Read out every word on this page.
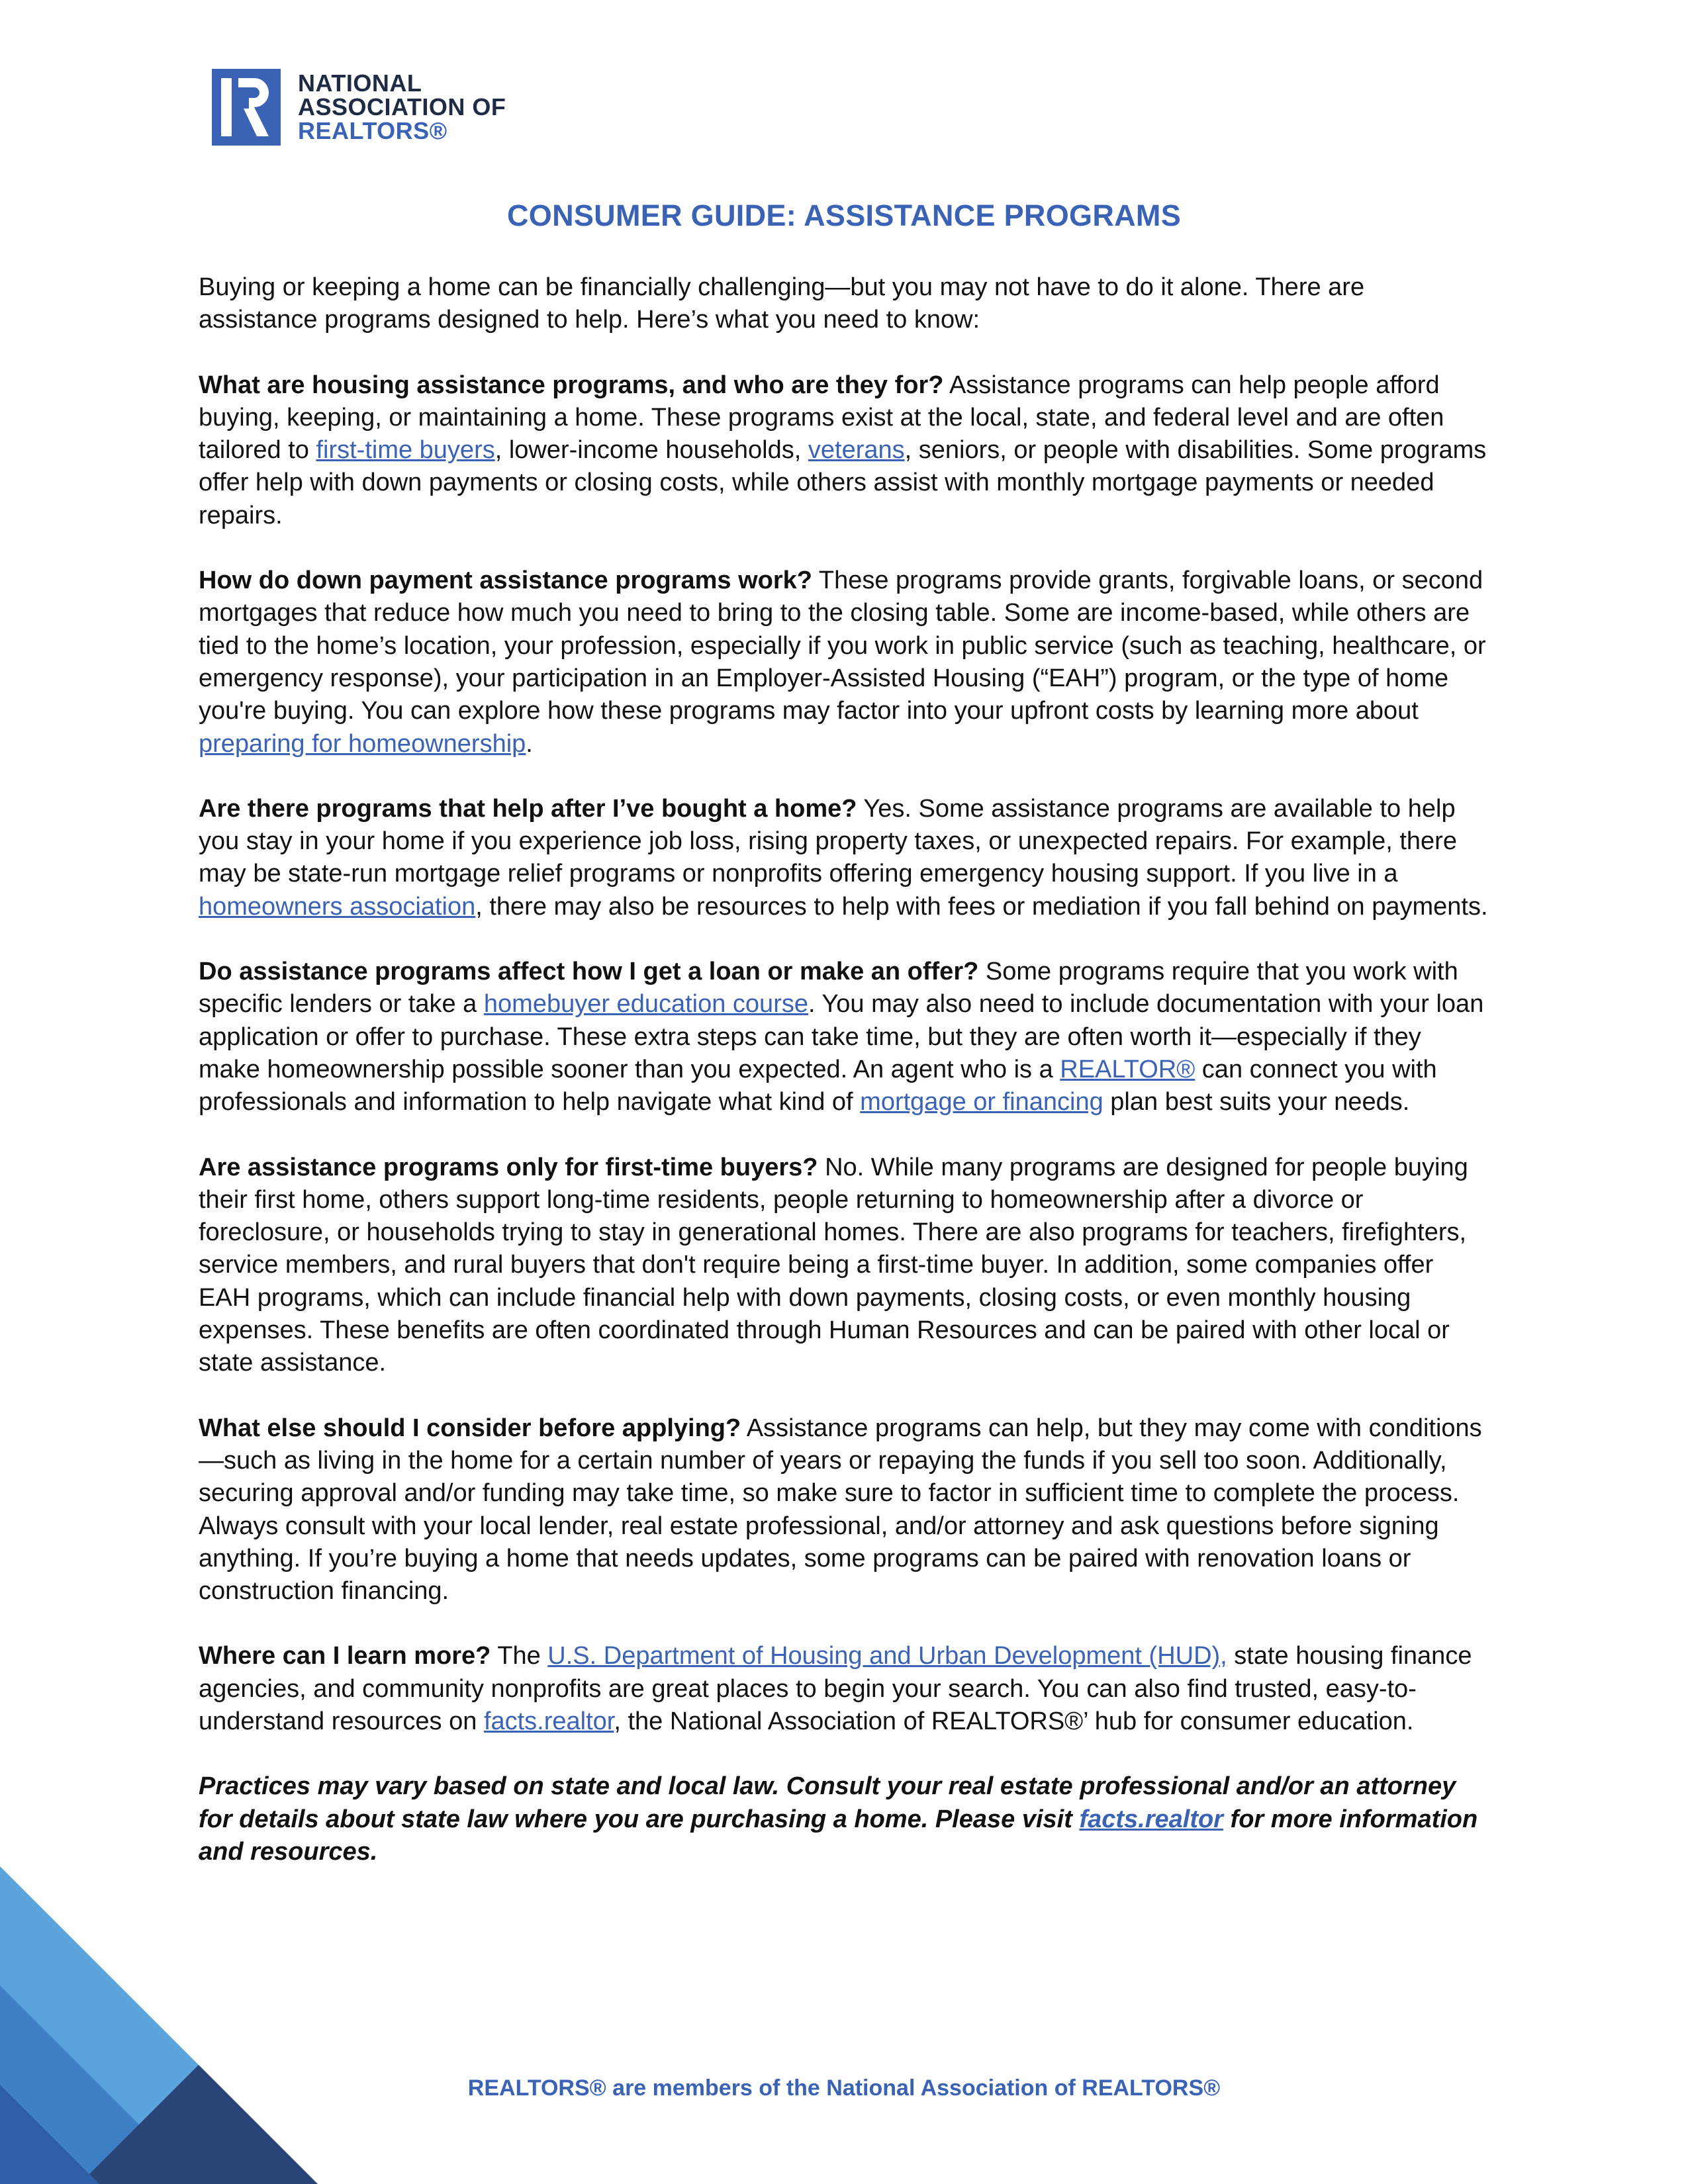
NATIONAL
ASSOCIATION OF
REALTORS®
CONSUMER GUIDE: ASSISTANCE PROGRAMS

Buying or keeping a home can be financially challenging—but you may not have to do it alone. There are assistance programs designed to help. Here’s what you need to know:

What are housing assistance programs, and who are they for? Assistance programs can help people afford buying, keeping, or maintaining a home. These programs exist at the local, state, and federal level and are often tailored to first-time buyers, lower-income households, veterans, seniors, or people with disabilities. Some programs offer help with down payments or closing costs, while others assist with monthly mortgage payments or needed repairs.

How do down payment assistance programs work? These programs provide grants, forgivable loans, or second mortgages that reduce how much you need to bring to the closing table. Some are income-based, while others are tied to the home’s location, your profession, especially if you work in public service (such as teaching, healthcare, or emergency response), your participation in an Employer-Assisted Housing (“EAH”) program, or the type of home you're buying. You can explore how these programs may factor into your upfront costs by learning more about preparing for homeownership.

Are there programs that help after I’ve bought a home? Yes. Some assistance programs are available to help you stay in your home if you experience job loss, rising property taxes, or unexpected repairs. For example, there may be state-run mortgage relief programs or nonprofits offering emergency housing support. If you live in a homeowners association, there may also be resources to help with fees or mediation if you fall behind on payments.

Do assistance programs affect how I get a loan or make an offer? Some programs require that you work with specific lenders or take a homebuyer education course. You may also need to include documentation with your loan application or offer to purchase. These extra steps can take time, but they are often worth it—especially if they make homeownership possible sooner than you expected. An agent who is a REALTOR® can connect you with professionals and information to help navigate what kind of mortgage or financing plan best suits your needs.

Are assistance programs only for first-time buyers? No. While many programs are designed for people buying their first home, others support long-time residents, people returning to homeownership after a divorce or foreclosure, or households trying to stay in generational homes. There are also programs for teachers, firefighters, service members, and rural buyers that don't require being a first-time buyer. In addition, some companies offer EAH programs, which can include financial help with down payments, closing costs, or even monthly housing expenses. These benefits are often coordinated through Human Resources and can be paired with other local or state assistance.

What else should I consider before applying? Assistance programs can help, but they may come with conditions—such as living in the home for a certain number of years or repaying the funds if you sell too soon. Additionally, securing approval and/or funding may take time, so make sure to factor in sufficient time to complete the process. Always consult with your local lender, real estate professional, and/or attorney and ask questions before signing anything. If you’re buying a home that needs updates, some programs can be paired with renovation loans or construction financing.

Where can I learn more? The U.S. Department of Housing and Urban Development (HUD), state housing finance agencies, and community nonprofits are great places to begin your search. You can also find trusted, easy-to-understand resources on facts.realtor, the National Association of REALTORS®’ hub for consumer education.

Practices may vary based on state and local law. Consult your real estate professional and/or an attorney for details about state law where you are purchasing a home. Please visit facts.realtor for more information and resources.

REALTORS® are members of the National Association of REALTORS®
